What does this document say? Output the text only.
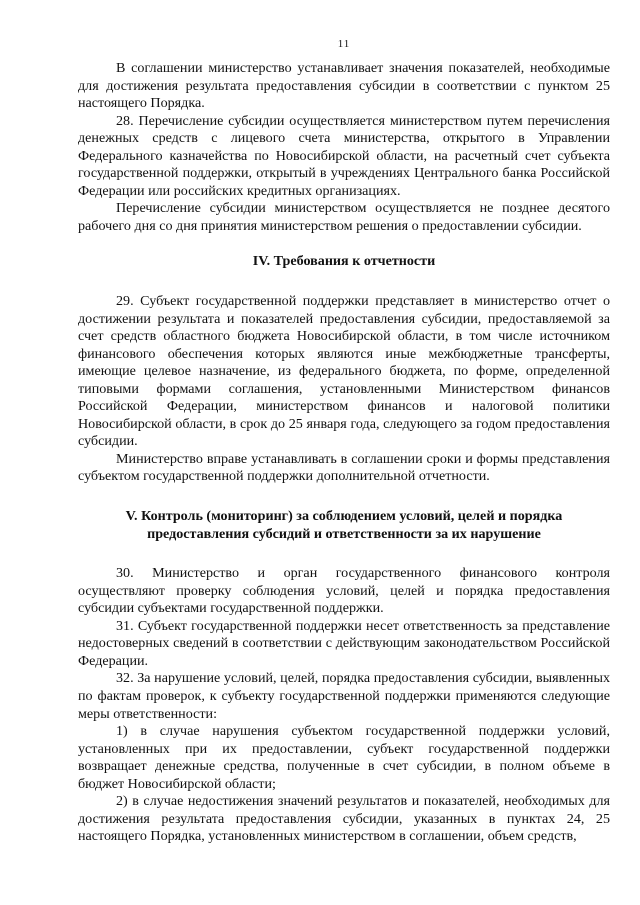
11

В соглашении министерство устанавливает значения показателей, необходимые для достижения результата предоставления субсидии в соответствии с пунктом 25 настоящего Порядка.

28. Перечисление субсидии осуществляется министерством путем перечисления денежных средств с лицевого счета министерства, открытого в Управлении Федерального казначейства по Новосибирской области, на расчетный счет субъекта государственной поддержки, открытый в учреждениях Центрального банка Российской Федерации или российских кредитных организациях.

Перечисление субсидии министерством осуществляется не позднее десятого рабочего дня со дня принятия министерством решения о предоставлении субсидии.

IV. Требования к отчетности

29. Субъект государственной поддержки представляет в министерство отчет о достижении результата и показателей предоставления субсидии, предоставляемой за счет средств областного бюджета Новосибирской области, в том числе источником финансового обеспечения которых являются иные межбюджетные трансферты, имеющие целевое назначение, из федерального бюджета, по форме, определенной типовыми формами соглашения, установленными Министерством финансов Российской Федерации, министерством финансов и налоговой политики Новосибирской области, в срок до 25 января года, следующего за годом предоставления субсидии.

Министерство вправе устанавливать в соглашении сроки и формы представления субъектом государственной поддержки дополнительной отчетности.

V. Контроль (мониторинг) за соблюдением условий, целей и порядка предоставления субсидий и ответственности за их нарушение

30. Министерство и орган государственного финансового контроля осуществляют проверку соблюдения условий, целей и порядка предоставления субсидии субъектами государственной поддержки.

31. Субъект государственной поддержки несет ответственность за представление недостоверных сведений в соответствии с действующим законодательством Российской Федерации.

32. За нарушение условий, целей, порядка предоставления субсидии, выявленных по фактам проверок, к субъекту государственной поддержки применяются следующие меры ответственности:

1) в случае нарушения субъектом государственной поддержки условий, установленных при их предоставлении, субъект государственной поддержки возвращает денежные средства, полученные в счет субсидии, в полном объеме в бюджет Новосибирской области;

2) в случае недостижения значений результатов и показателей, необходимых для достижения результата предоставления субсидии, указанных в пунктах 24, 25 настоящего Порядка, установленных министерством в соглашении, объем средств,
